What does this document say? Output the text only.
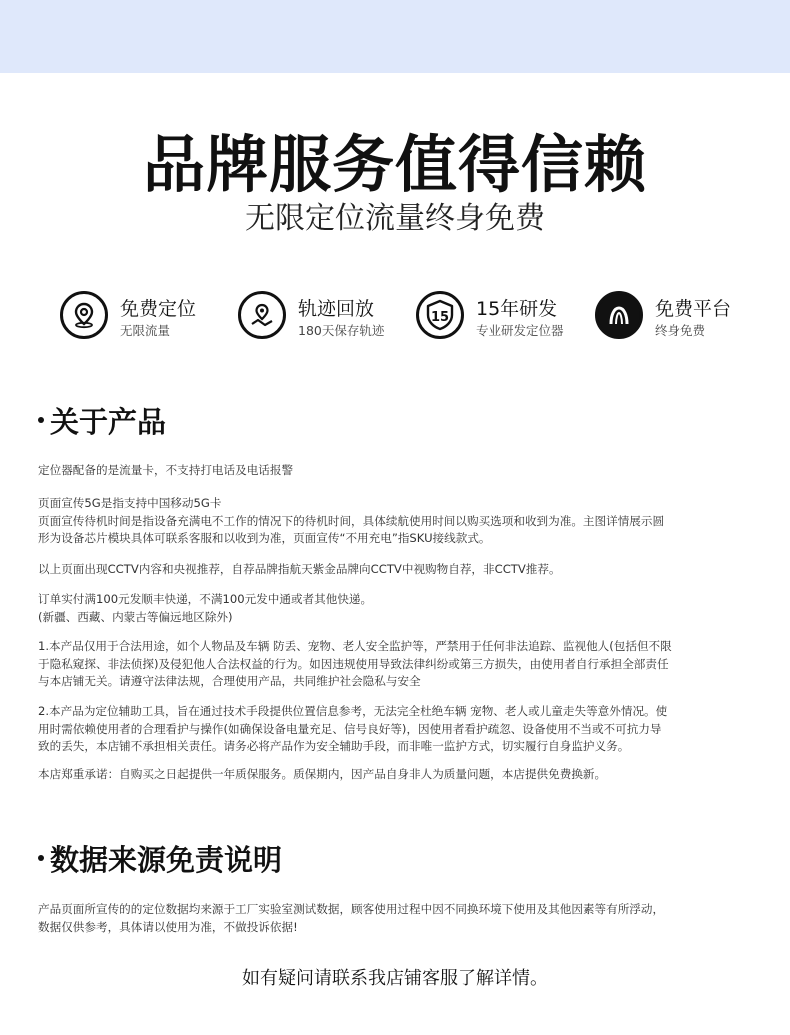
品牌服务值得信赖
无限定位流量终身免费
免费定位
无限流量
轨迹回放
180天保存轨迹
15 15年研发
专业研发定位器
免费平台
终身免费
关于产品
定位器配备的是流量卡，不支持打电话及电话报警
页面宣传5G是指支持中国移动5G卡
页面宣传待机时间是指设备充满电不工作的情况下的待机时间，具体续航使用时间以购买选项和收到为准。主图详情展示圆
形为设备芯片模块具体可联系客服和以收到为准，页面宣传“不用充电”指SKU接线款式。
以上页面出现CCTV内容和央视推荐，自荐品牌指航天紫金品牌向CCTV中视购物自荐，非CCTV推荐。
订单实付满100元发顺丰快递，不满100元发中通或者其他快递。
(新疆、西藏、内蒙古等偏远地区除外)
1.本产品仅用于合法用途，如个人物品及车辆 防丢、宠物、老人安全监护等，严禁用于任何非法追踪、监视他人(包括但不限
于隐私窥探、非法侦探)及侵犯他人合法权益的行为。如因违规使用导致法律纠纷或第三方损失，由使用者自行承担全部责任
与本店铺无关。请遵守法律法规，合理使用产品，共同维护社会隐私与安全
2.本产品为定位辅助工具，旨在通过技术手段提供位置信息参考，无法完全杜绝车辆 宠物、老人或儿童走失等意外情况。使
用时需依赖使用者的合理看护与操作(如确保设备电量充足、信号良好等)，因使用者看护疏忽、设备使用不当或不可抗力导
致的丢失，本店铺不承担相关责任。请务必将产品作为安全辅助手段，而非唯一监护方式，切实履行自身监护义务。
本店郑重承诺：自购买之日起提供一年质保服务。质保期内，因产品自身非人为质量问题，本店提供免费换新。
数据来源免责说明
产品页面所宣传的的定位数据均来源于工厂实验室测试数据，顾客使用过程中因不同换环境下使用及其他因素等有所浮动，
数据仅供参考，具体请以使用为准，不做投诉依据!
如有疑问请联系我店铺客服了解详情。
